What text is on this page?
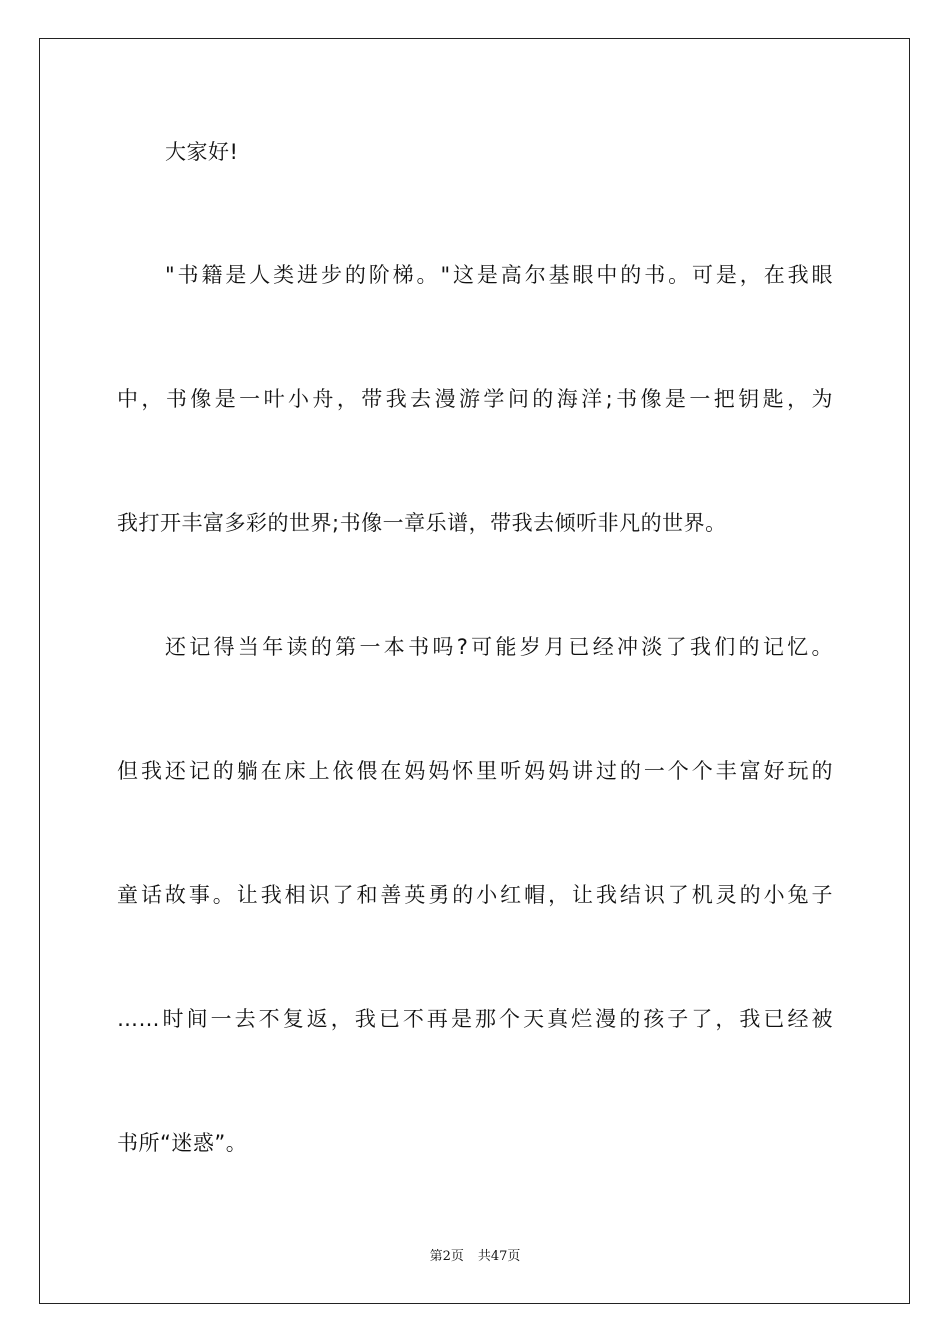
大家好!
"书籍是人类进步的阶梯。"这是高尔基眼中的书。可是，在我眼
中，书像是一叶小舟，带我去漫游学问的海洋;书像是一把钥匙，为
我打开丰富多彩的世界;书像一章乐谱，带我去倾听非凡的世界。
还记得当年读的第一本书吗?可能岁月已经冲淡了我们的记忆。
但我还记的躺在床上依偎在妈妈怀里听妈妈讲过的一个个丰富好玩的
童话故事。让我相识了和善英勇的小红帽，让我结识了机灵的小兔子
……时间一去不复返，我已不再是那个天真烂漫的孩子了，我已经被
书所“迷惑”。
第2页 共47页
